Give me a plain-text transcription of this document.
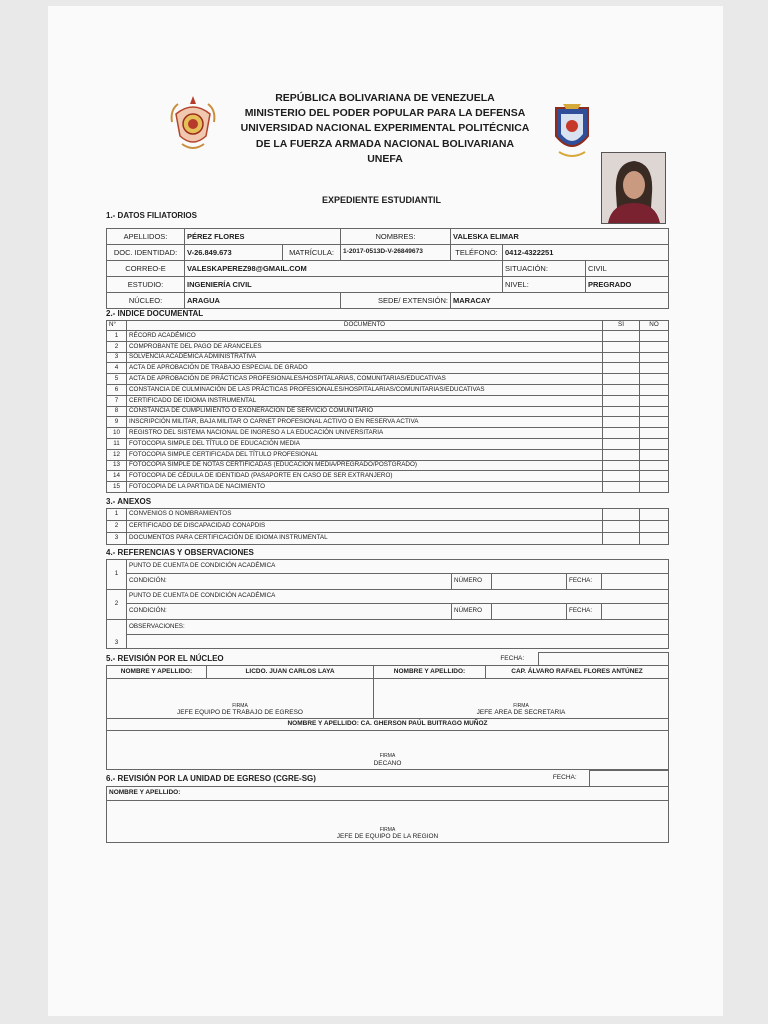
REPÚBLICA BOLIVARIANA DE VENEZUELA
MINISTERIO DEL PODER POPULAR PARA LA DEFENSA
UNIVERSIDAD NACIONAL EXPERIMENTAL POLITÉCNICA
DE LA FUERZA ARMADA NACIONAL BOLIVARIANA
UNEFA
EXPEDIENTE ESTUDIANTIL
1.- DATOS FILIATORIOS
APELLIDOS:	PÉREZ FLORES		NOMBRES:	VALESKA ELIMAR		
DOC. IDENTIDAD:	V-26.849.673	MATRÍCULA:	1-2017-0513D-V-26849673	TELÉFONO:	0412-4322251	
CORREO-E	VALESKAPEREZ98@GMAIL.COM				SITUACIÓN:	CIVIL
ESTUDIO:	INGENIERÍA CIVIL				NIVEL:	PREGRADO
NÚCLEO:	ARAGUA		SEDE/ EXTENSIÓN:	MARACAY		
2.- INDICE DOCUMENTAL
N°	DOCUMENTO	SÍ	NO
1	RÉCORD ACADÉMICO		
2	COMPROBANTE DEL PAGO DE ARANCELES		
3	SOLVENCIA ACADÉMICA ADMINISTRATIVA		
4	ACTA DE APROBACIÓN DE TRABAJO ESPECIAL DE GRADO		
5	ACTA DE APROBACIÓN DE PRÁCTICAS PROFESIONALES/HOSPITALARIAS, COMUNITARIAS/EDUCATIVAS		
6	CONSTANCIA DE CULMINACIÓN DE LAS PRÁCTICAS PROFESIONALES/HOSPITALARIAS/COMUNITARIAS/EDUCATIVAS		
7	CERTIFICADO DE IDIOMA INSTRUMENTAL		
8	CONSTANCIA DE CUMPLIMIENTO O EXONERACIÓN DE SERVICIO COMUNITARIO		
9	INSCRIPCIÓN MILITAR, BAJA MILITAR O CARNET PROFESIONAL ACTIVO O EN RESERVA ACTIVA		
10	REGISTRO DEL SISTEMA NACIONAL DE INGRESO A LA EDUCACIÓN UNIVERSITARIA		
11	FOTOCOPIA SIMPLE DEL TÍTULO DE EDUCACIÓN MEDIA		
12	FOTOCOPIA SIMPLE CERTIFICADA DEL TÍTULO PROFESIONAL		
13	FOTOCOPIA SIMPLE DE NOTAS CERTIFICADAS (EDUCACIÓN MEDIA/PREGRADO/POSTGRADO)		
14	FOTOCOPIA DE CÉDULA DE IDENTIDAD (PASAPORTE EN CASO DE SER EXTRANJERO)		
15	FOTOCOPIA DE LA PARTIDA DE NACIMIENTO		
3.- ANEXOS
1	CONVENIOS O NOMBRAMIENTOS		
2	CERTIFICADO DE DISCAPACIDAD CONAPDIS		
3	DOCUMENTOS PARA CERTIFICACIÓN DE IDIOMA INSTRUMENTAL		
4.- REFERENCIAS Y OBSERVACIONES
1	PUNTO DE CUENTA DE CONDICIÓN ACADÉMICA				
	CONDICIÓN:	NÚMERO		FECHA:	
2	PUNTO DE CUENTA DE CONDICIÓN ACADÉMICA				
	CONDICIÓN:	NÚMERO		FECHA:	
3	OBSERVACIONES:				

5.- REVISIÓN POR EL NÚCLEO	FECHA:	
NOMBRE Y APELLIDO:	LICDO. JUAN CARLOS LAYA	NOMBRE Y APELLIDO:	CAP. ÁLVARO RAFAEL FLORES ANTÚNEZ
FIRMA		FIRMA	
JEFE EQUIPO DE TRABAJO DE EGRESO		JEFE ÁREA DE SECRETARÍA	
NOMBRE Y APELLIDO: CA. GHERSON PAÚL BUITRAGO MUÑOZ			
FIRMA			
DECANO			
6.- REVISIÓN POR LA UNIDAD DE EGRESO (CGRE-SG)	FECHA:	
NOMBRE Y APELLIDO:
FIRMA
JEFE DE EQUIPO DE LA REGIÓN
